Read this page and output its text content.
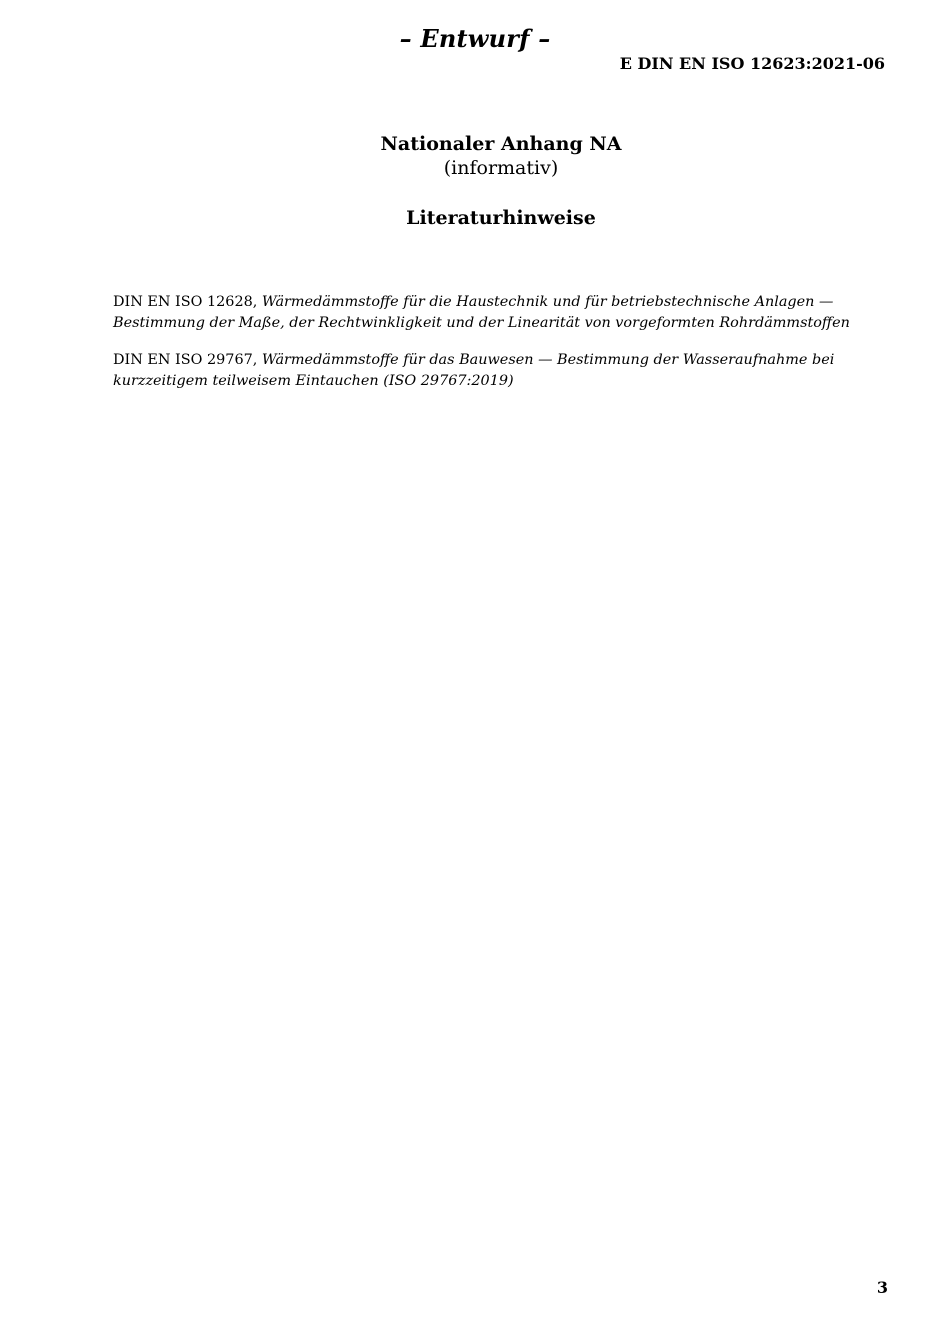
– Entwurf –
E DIN EN ISO 12623:2021-06
Nationaler Anhang NA
(informativ)
Literaturhinweise

DIN EN ISO 12628, Wärmedämmstoffe für die Haustechnik und für betriebstechnische Anlagen — Bestimmung der Maße, der Rechtwinkligkeit und der Linearität von vorgeformten Rohrdämmstoffen

DIN EN ISO 29767, Wärmedämmstoffe für das Bauwesen — Bestimmung der Wasseraufnahme bei kurzzeitigem teilweisem Eintauchen (ISO 29767:2019)

3
